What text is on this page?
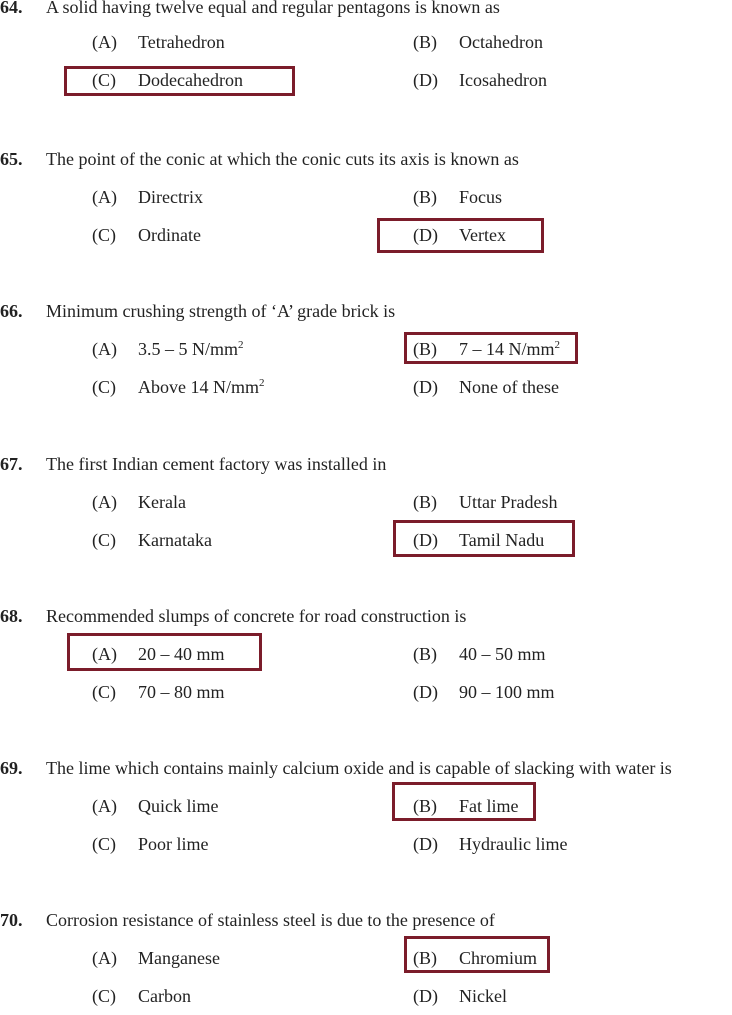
64. A solid having twelve equal and regular pentagons is known as
(A) Tetrahedron	(B) Octahedron
(C) Dodecahedron	(D) Icosahedron
65. The point of the conic at which the conic cuts its axis is known as
(A) Directrix	(B) Focus
(C) Ordinate	(D) Vertex
66. Minimum crushing strength of ‘A’ grade brick is
(A) 3.5 – 5 $N/mm^2$	(B) 7 – 14 $N/mm^2$
(C) Above 14 $N/mm^2$	(D) None of these
67. The first Indian cement factory was installed in
(A) Kerala	(B) Uttar Pradesh
(C) Karnataka	(D) Tamil Nadu
68. Recommended slumps of concrete for road construction is
(A) 20 – 40 mm	(B) 40 – 50 mm
(C) 70 – 80 mm	(D) 90 – 100 mm
69. The lime which contains mainly calcium oxide and is capable of slacking with water is
(A) Quick lime	(B) Fat lime
(C) Poor lime	(D) Hydraulic lime
70. Corrosion resistance of stainless steel is due to the presence of
(A) Manganese	(B) Chromium
(C) Carbon	(D) Nickel
